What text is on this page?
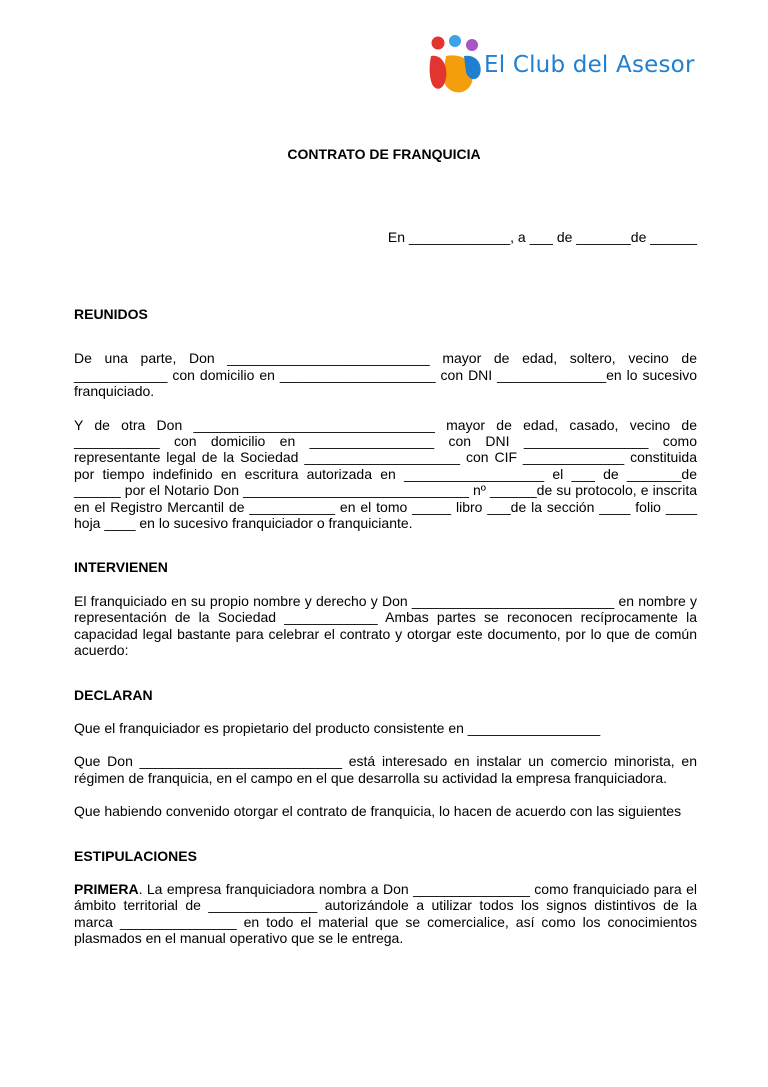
El Club del Asesor
CONTRATO DE FRANQUICIA
En _____________, a ___ de _______de ______
REUNIDOS

De una parte, Don __________________________ mayor de edad, soltero, vecino de ____________ con domicilio en ____________________ con DNI ______________en lo sucesivo franquiciado.

Y de otra Don _______________________________ mayor de edad, casado, vecino de ___________ con domicilio en ________________ con DNI ________________ como representante legal de la Sociedad ____________________ con CIF _____________ constituida por tiempo indefinido en escritura autorizada en __________________ el ___ de _______de ______ por el Notario Don _____________________________ nº ______de su protocolo, e inscrita en el Registro Mercantil de ___________ en el tomo _____ libro ___de la sección ____ folio ____ hoja ____ en lo sucesivo franquiciador o franquiciante.

INTERVIENEN

El franquiciado en su propio nombre y derecho y Don __________________________ en nombre y representación de la Sociedad ____________ Ambas partes se reconocen recíprocamente la capacidad legal bastante para celebrar el contrato y otorgar este documento, por lo que de común acuerdo:

DECLARAN

Que el franquiciador es propietario del producto consistente en _________________

Que Don __________________________ está interesado en instalar un comercio minorista, en régimen de franquicia, en el campo en el que desarrolla su actividad la empresa franquiciadora.

Que habiendo convenido otorgar el contrato de franquicia, lo hacen de acuerdo con las siguientes

ESTIPULACIONES

PRIMERA. La empresa franquiciadora nombra a Don _______________ como franquiciado para el ámbito territorial de ______________ autorizándole a utilizar todos los signos distintivos de la marca _______________ en todo el material que se comercialice, así como los conocimientos plasmados en el manual operativo que se le entrega.
